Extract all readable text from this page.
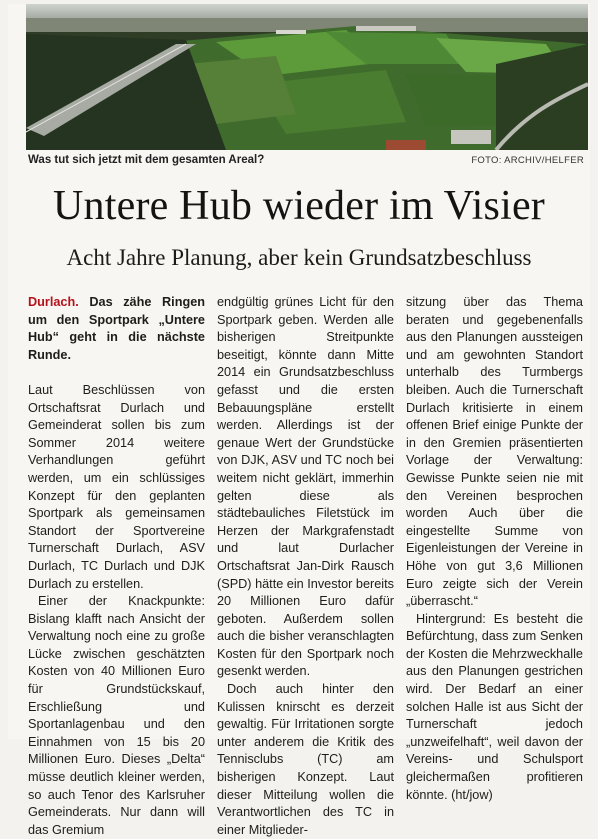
Was tut sich jetzt mit dem gesamten Areal?	FOTO: ARCHIV/HELFER
Untere Hub wieder im Visier
Acht Jahre Planung, aber kein Grundsatzbeschluss

Durlach. Das zähe Ringen um den Sportpark „Untere Hub“ geht in die nächste Runde.

Laut Beschlüssen von Ortschaftsrat Durlach und Gemeinderat sollen bis zum Sommer 2014 weitere Verhandlungen geführt werden, um ein schlüssiges Konzept für den geplanten Sportpark als gemeinsamen Standort der Sportvereine Turnerschaft Durlach, ASV Durlach, TC Durlach und DJK Durlach zu erstellen.

Einer der Knackpunkte: Bislang klafft nach Ansicht der Verwaltung noch eine zu große Lücke zwischen geschätzten Kosten von 40 Millionen Euro für Grundstückskauf, Erschließung und Sportanlagenbau und den Einnahmen von 15 bis 20 Millionen Euro. Dieses „Delta“ müsse deutlich kleiner werden, so auch Tenor des Karlsruher Gemeinderats. Nur dann will das Gremium

endgültig grünes Licht für den Sportpark geben. Werden alle bisherigen Streitpunkte beseitigt, könnte dann Mitte 2014 ein Grundsatzbeschluss gefasst und die ersten Bebauungspläne erstellt werden. Allerdings ist der genaue Wert der Grundstücke von DJK, ASV und TC noch bei weitem nicht geklärt, immerhin gelten diese als städtebauliches Filetstück im Herzen der Markgrafenstadt und laut Durlacher Ortschaftsrat Jan-Dirk Rausch (SPD) hätte ein Investor bereits 20 Millionen Euro dafür geboten. Außerdem sollen auch die bisher veranschlagten Kosten für den Sportpark noch gesenkt werden.

Doch auch hinter den Kulissen knirscht es derzeit gewaltig. Für Irritationen sorgte unter anderem die Kritik des Tennisclubs (TC) am bisherigen Konzept. Laut dieser Mitteilung wollen die Verantwortlichen des TC in einer Mitglieder-

sitzung über das Thema beraten und gegebenenfalls aus den Planungen aussteigen und am gewohnten Standort unterhalb des Turmbergs bleiben. Auch die Turnerschaft Durlach kritisierte in einem offenen Brief einige Punkte der in den Gremien präsentierten Vorlage der Verwaltung: Gewisse Punkte seien nie mit den Vereinen besprochen worden Auch über die eingestellte Summe von Eigenleistungen der Vereine in Höhe von gut 3,6 Millionen Euro zeigte sich der Verein „überrascht.“

Hintergrund: Es besteht die Befürchtung, dass zum Senken der Kosten die Mehrzweckhalle aus den Planungen gestrichen wird. Der Bedarf an einer solchen Halle ist aus Sicht der Turnerschaft jedoch „unzweifelhaft“, weil davon der Vereins- und Schulsport gleichermaßen profitieren könnte. (ht/jow)
